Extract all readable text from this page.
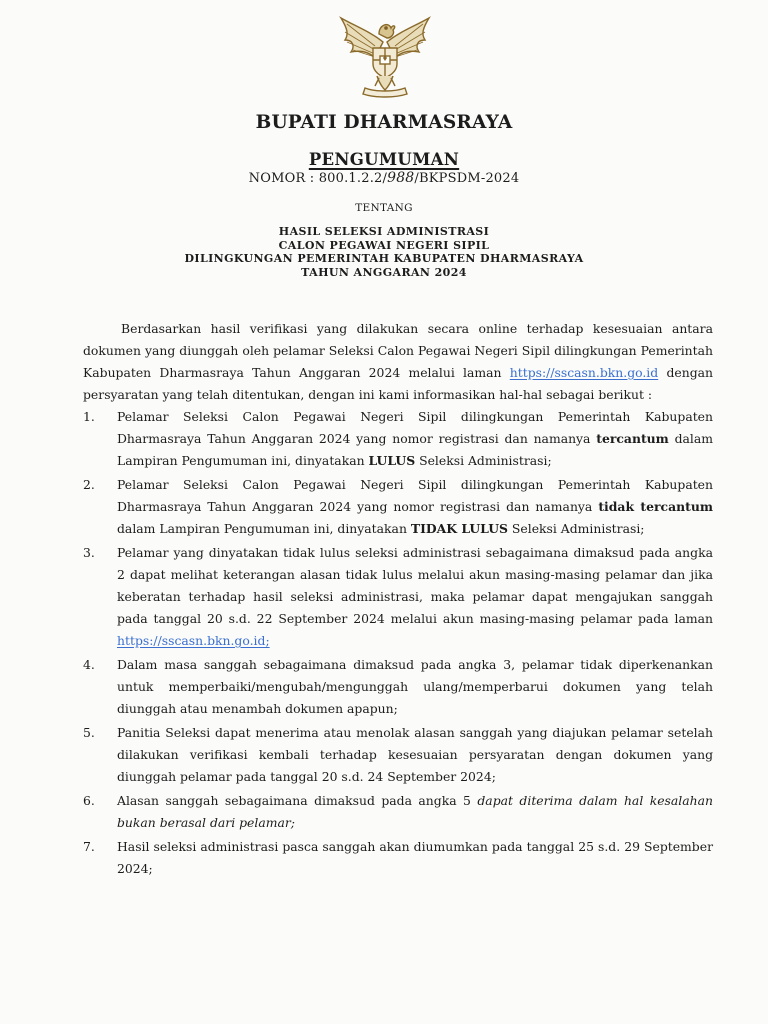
BUPATI DHARMASRAYA
PENGUMUMAN
NOMOR : 800.1.2.2/988/BKPSDM-2024
TENTANG
HASIL SELEKSI ADMINISTRASI
CALON PEGAWAI NEGERI SIPIL
DILINGKUNGAN PEMERINTAH KABUPATEN DHARMASRAYA
TAHUN ANGGARAN 2024

Berdasarkan hasil verifikasi yang dilakukan secara online terhadap kesesuaian antara dokumen yang diunggah oleh pelamar Seleksi Calon Pegawai Negeri Sipil dilingkungan Pemerintah Kabupaten Dharmasraya Tahun Anggaran 2024 melalui laman https://sscasn.bkn.go.id dengan persyaratan yang telah ditentukan, dengan ini kami informasikan hal-hal sebagai berikut :

1. Pelamar Seleksi Calon Pegawai Negeri Sipil dilingkungan Pemerintah Kabupaten Dharmasraya Tahun Anggaran 2024 yang nomor registrasi dan namanya tercantum dalam Lampiran Pengumuman ini, dinyatakan LULUS Seleksi Administrasi;
2. Pelamar Seleksi Calon Pegawai Negeri Sipil dilingkungan Pemerintah Kabupaten Dharmasraya Tahun Anggaran 2024 yang nomor registrasi dan namanya tidak tercantum dalam Lampiran Pengumuman ini, dinyatakan TIDAK LULUS Seleksi Administrasi;
3. Pelamar yang dinyatakan tidak lulus seleksi administrasi sebagaimana dimaksud pada angka 2 dapat melihat keterangan alasan tidak lulus melalui akun masing-masing pelamar dan jika keberatan terhadap hasil seleksi administrasi, maka pelamar dapat mengajukan sanggah pada tanggal 20 s.d. 22 September 2024 melalui akun masing-masing pelamar pada laman https://sscasn.bkn.go.id;
4. Dalam masa sanggah sebagaimana dimaksud pada angka 3, pelamar tidak diperkenankan untuk memperbaiki/mengubah/mengunggah ulang/memperbarui dokumen yang telah diunggah atau menambah dokumen apapun;
5. Panitia Seleksi dapat menerima atau menolak alasan sanggah yang diajukan pelamar setelah dilakukan verifikasi kembali terhadap kesesuaian persyaratan dengan dokumen yang diunggah pelamar pada tanggal 20 s.d. 24 September 2024;
6. Alasan sanggah sebagaimana dimaksud pada angka 5 dapat diterima dalam hal kesalahan bukan berasal dari pelamar;
7. Hasil seleksi administrasi pasca sanggah akan diumumkan pada tanggal 25 s.d. 29 September 2024;
